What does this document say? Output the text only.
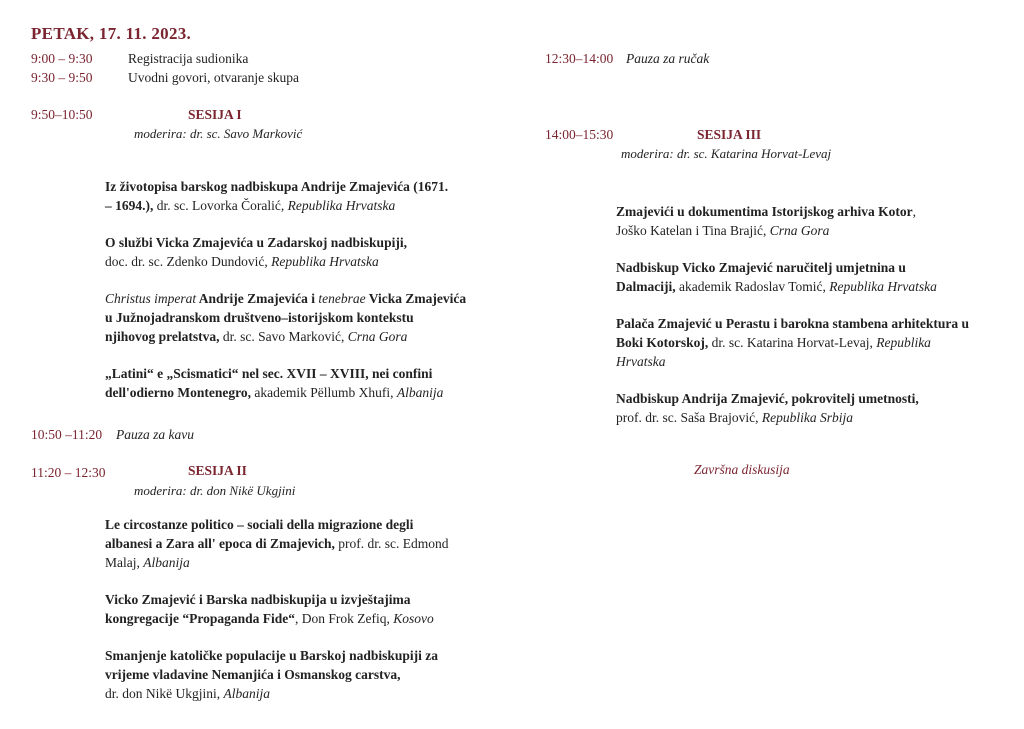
PETAK, 17. 11. 2023.
9:00 – 9:30	Registracija sudionika
9:30 – 9:50	Uvodni govori, otvaranje skupa
9:50–10:50	SESIJA I
moderira: dr. sc. Savo Marković
Iz životopisa barskog nadbiskupa Andrije Zmajevića (1671.
– 1694.), dr. sc. Lovorka Čoralić, Republika Hrvatska
O službi Vicka Zmajevića u Zadarskoj nadbiskupiji,
doc. dr. sc. Zdenko Dundović, Republika Hrvatska
Christus imperat Andrije Zmajevića i tenebrae Vicka Zmajevića
u Južnojadranskom društveno–istorijskom kontekstu
njihovog prelatstva, dr. sc. Savo Marković, Crna Gora
„Latini“ e „Scismatici“ nel sec. XVII – XVIII, nei confini
dell'odierno Montenegro, akademik Pëllumb Xhufi, Albanija
10:50 –11:20 Pauza za kavu
11:20 – 12:30	SESIJA II
moderira: dr. don Nikë Ukgjini
Le circostanze politico – sociali della migrazione degli
albanesi a Zara all' epoca di Zmajevich, prof. dr. sc. Edmond
Malaj, Albanija
Vicko Zmajević i Barska nadbiskupija u izvještajima
kongregacije “Propaganda Fide“, Don Frok Zefiq, Kosovo
Smanjenje katoličke populacije u Barskoj nadbiskupiji za
vrijeme vladavine Nemanjića i Osmanskog carstva,
dr. don Nikë Ukgjini, Albanija
12:30–14:00 Pauza za ručak
14:00–15:30	SESIJA III
moderira: dr. sc. Katarina Horvat-Levaj
Zmajevići u dokumentima Istorijskog arhiva Kotor,
Joško Katelan i Tina Brajić, Crna Gora
Nadbiskup Vicko Zmajević naručitelj umjetnina u
Dalmaciji, akademik Radoslav Tomić, Republika Hrvatska
Palača Zmajević u Perastu i barokna stambena arhitektura u
Boki Kotorskoj, dr. sc. Katarina Horvat-Levaj, Republika
Hrvatska
Nadbiskup Andrija Zmajević, pokrovitelj umetnosti,
prof. dr. sc. Saša Brajović, Republika Srbija
Završna diskusija
